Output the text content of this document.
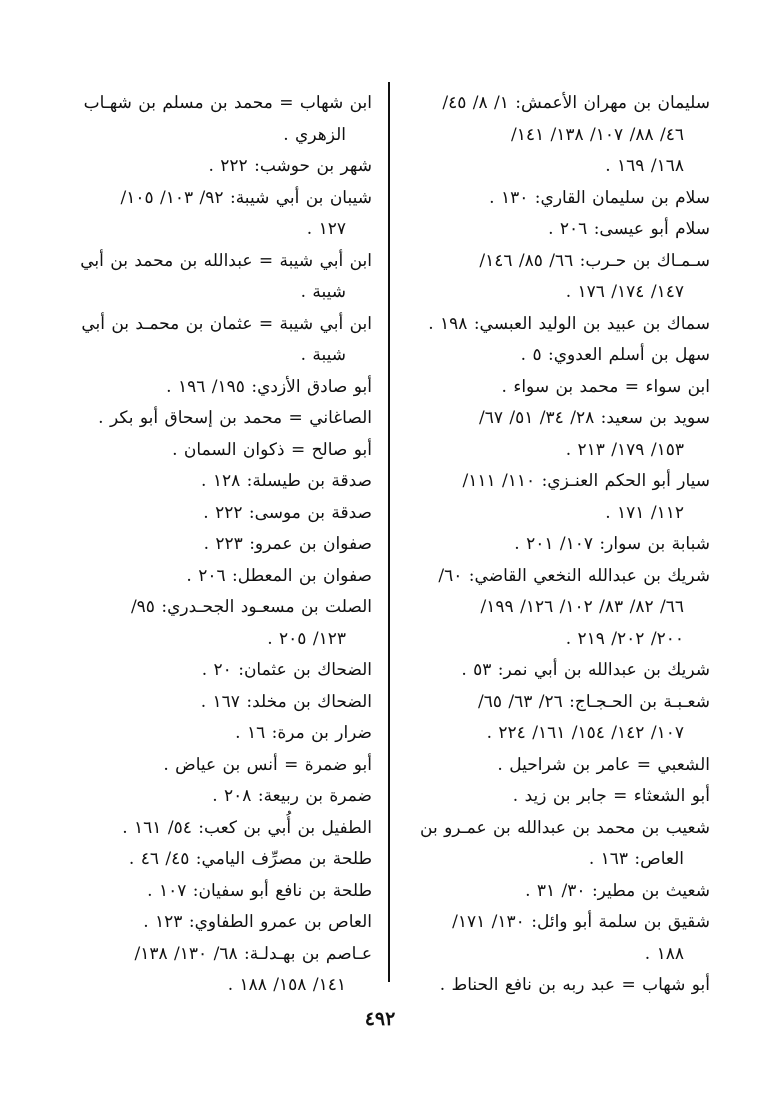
سليمان بن مهران الأعمش: ١/ ٨/ ٤٥/
٤٦/ ٨٨/ ١٠٧/ ١٣٨/ ١٤١/
١٦٨/ ١٦٩ .
سلام بن سليمان القاري: ١٣٠ .
سلام أبو عيسى: ٢٠٦ .
سـمـاك بن حـرب: ٦٦/ ٨٥/ ١٤٦/
١٤٧/ ١٧٤/ ١٧٦ .
سماك بن عبيد بن الوليد العبسي: ١٩٨ .
سهل بن أسلم العدوي: ٥ .
ابن سواء = محمد بن سواء .
سويد بن سعيد: ٢٨/ ٣٤/ ٥١/ ٦٧/
١٥٣/ ١٧٩/ ٢١٣ .
سيار أبو الحكم العنـزي: ١١٠/ ١١١/
١١٢/ ١٧١ .
شبابة بن سوار: ١٠٧/ ٢٠١ .
شريك بن عبدالله النخعي القاضي: ٦٠/
٦٦/ ٨٢/ ٨٣/ ١٠٢/ ١٢٦/ ١٩٩/
٢٠٠/ ٢٠٢/ ٢١٩ .
شريك بن عبدالله بن أبي نمر: ٥٣ .
شعـبـة بن الحـجـاج: ٢٦/ ٦٣/ ٦٥/
١٠٧/ ١٤٢/ ١٥٤/ ١٦١/ ٢٢٤ .
الشعبي = عامر بن شراحيل .
أبو الشعثاء = جابر بن زيد .
شعيب بن محمد بن عبدالله بن عمـرو بن
العاص: ١٦٣ .
شعيث بن مطير: ٣٠/ ٣١ .
شقيق بن سلمة أبو وائل: ١٣٠/ ١٧١/
١٨٨ .
أبو شهاب = عبد ربه بن نافع الحناط .
ابن شهاب = محمد بن مسلم بن شهـاب
الزهري .
شهر بن حوشب: ٢٢٢ .
شيبان بن أبي شيبة: ٩٢/ ١٠٣/ ١٠٥/
١٢٧ .
ابن أبي شيبة = عبدالله بن محمد بن أبي
شيبة .
ابن أبي شيبة = عثمان بن محمـد بن أبي
شيبة .
أبو صادق الأزدي: ١٩٥/ ١٩٦ .
الصاغاني = محمد بن إسحاق أبو بكر .
أبو صالح = ذكوان السمان .
صدقة بن طيسلة: ١٢٨ .
صدقة بن موسى: ٢٢٢ .
صفوان بن عمرو: ٢٢٣ .
صفوان بن المعطل: ٢٠٦ .
الصلت بن مسعـود الجحـدري: ٩٥/
١٢٣/ ٢٠٥ .
الضحاك بن عثمان: ٢٠ .
الضحاك بن مخلد: ١٦٧ .
ضرار بن مرة: ١٦ .
أبو ضمرة = أنس بن عياض .
ضمرة بن ربيعة: ٢٠٨ .
الطفيل بن أُبي بن كعب: ٥٤/ ١٦١ .
طلحة بن مصرِّف اليامي: ٤٥/ ٤٦ .
طلحة بن نافع أبو سفيان: ١٠٧ .
العاص بن عمرو الطفاوي: ١٢٣ .
عـاصم بن بهـدلـة: ٦٨/ ١٣٠/ ١٣٨/
١٤١/ ١٥٨/ ١٨٨ .
٤٩٢
